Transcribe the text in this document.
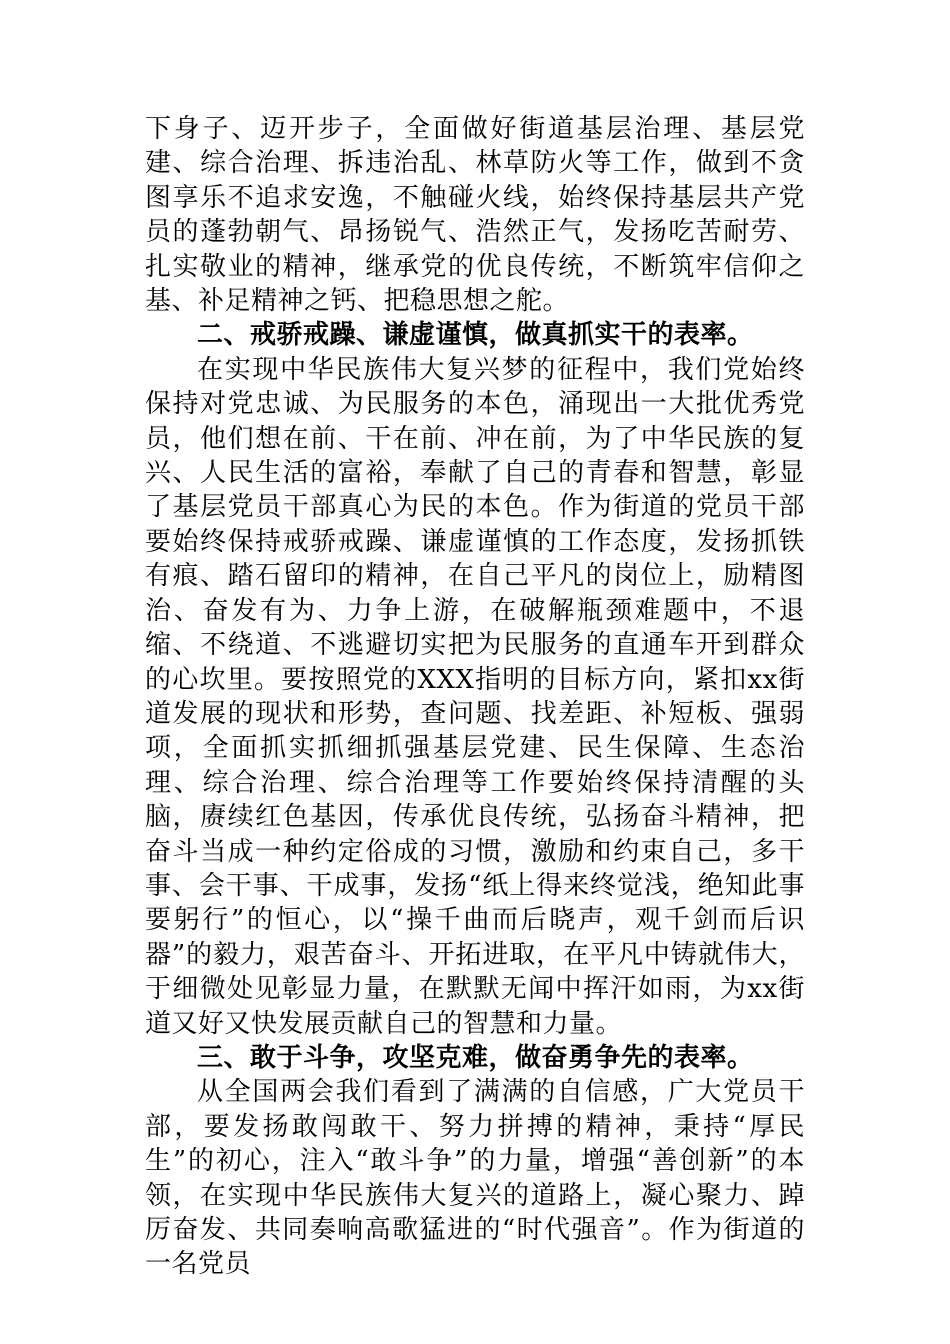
下身子、迈开步子，全面做好街道基层治理、基层党建、综合治理、拆违治乱、林草防火等工作，做到不贪图享乐不追求安逸，不触碰火线，始终保持基层共产党员的蓬勃朝气、昂扬锐气、浩然正气，发扬吃苦耐劳、扎实敬业的精神，继承党的优良传统，不断筑牢信仰之基、补足精神之钙、把稳思想之舵。

二、戒骄戒躁、谦虚谨慎，做真抓实干的表率。

在实现中华民族伟大复兴梦的征程中，我们党始终保持对党忠诚、为民服务的本色，涌现出一大批优秀党员，他们想在前、干在前、冲在前，为了中华民族的复兴、人民生活的富裕，奉献了自己的青春和智慧，彰显了基层党员干部真心为民的本色。作为街道的党员干部要始终保持戒骄戒躁、谦虚谨慎的工作态度，发扬抓铁有痕、踏石留印的精神，在自己平凡的岗位上，励精图治、奋发有为、力争上游，在破解瓶颈难题中，不退缩、不绕道、不逃避切实把为民服务的直通车开到群众的心坎里。要按照党的XXX指明的目标方向，紧扣xx街道发展的现状和形势，查问题、找差距、补短板、强弱项，全面抓实抓细抓强基层党建、民生保障、生态治理、综合治理、综合治理等工作要始终保持清醒的头脑，赓续红色基因，传承优良传统，弘扬奋斗精神，把奋斗当成一种约定俗成的习惯，激励和约束自己，多干事、会干事、干成事，发扬“纸上得来终觉浅，绝知此事要躬行”的恒心，以“操千曲而后晓声，观千剑而后识器”的毅力，艰苦奋斗、开拓进取，在平凡中铸就伟大，于细微处见彰显力量，在默默无闻中挥汗如雨，为xx街道又好又快发展贡献自己的智慧和力量。

三、敢于斗争，攻坚克难，做奋勇争先的表率。

从全国两会我们看到了满满的自信感，广大党员干部，要发扬敢闯敢干、努力拼搏的精神，秉持“厚民生”的初心，注入“敢斗争”的力量，增强“善创新”的本领，在实现中华民族伟大复兴的道路上，凝心聚力、踔厉奋发、共同奏响高歌猛进的“时代强音”。作为街道的一名党员
